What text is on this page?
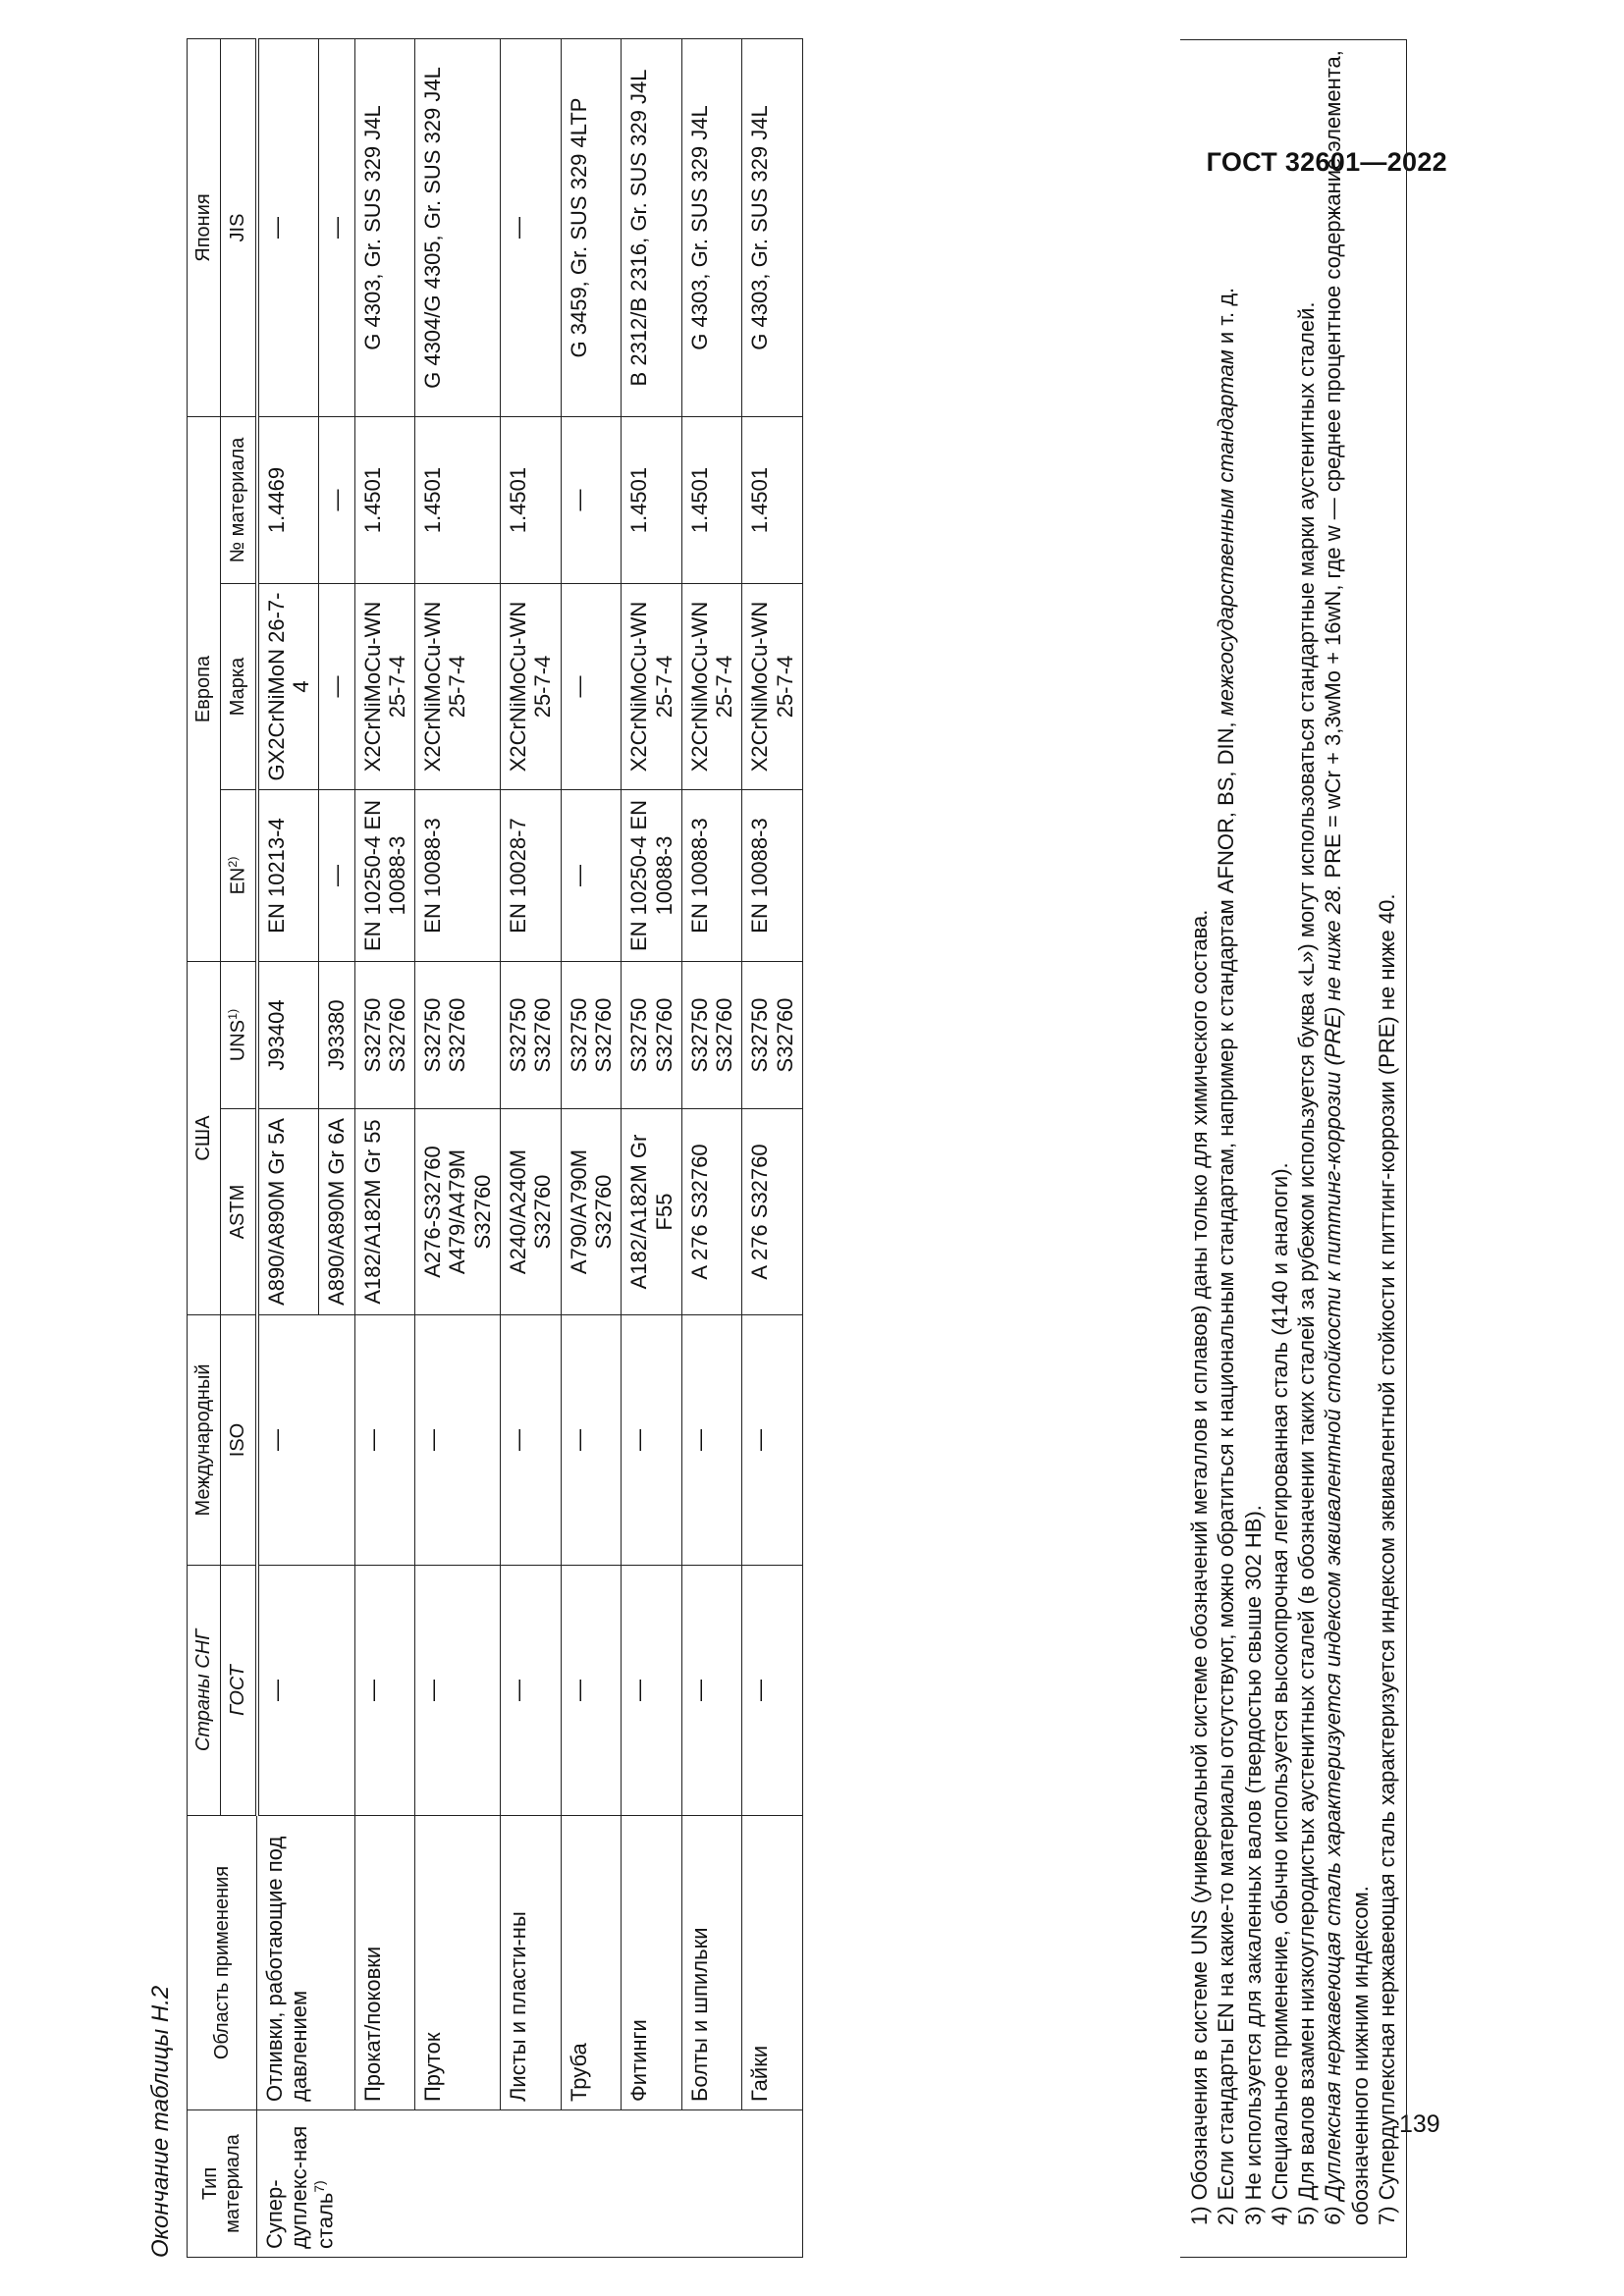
ГОСТ 32601—2022
139
Окончание таблицы Н.2 Тип материала	Область применения	Страны СНГ	Международный	США		Европа			Япония
		ГОСТ	ISO	ASTM	UNS$^{1)}$	EN$^{2)}$	Марка	№ материала	JIS
Супер-дуплекс-ная сталь$^{7)}$	Отливки, работающие под давлением	—	—	A890/A890M Gr 5A	J93404	EN 10213-4	GX2CrNiMoN 26-7-4	1.4469	—
				A890/A890M Gr 6A	J93380	—	—	—	—
	Прокат/поковки	—	—	A182/A182M Gr 55	S32750 S32760	EN 10250-4 EN 10088-3	X2CrNiMoCu-WN 25-7-4	1.4501	G 4303, Gr. SUS 329 J4L
	Пруток	—	—	A276-S32760 A479/A479M S32760	S32750 S32760	EN 10088-3	X2CrNiMoCu-WN 25-7-4	1.4501	G 4304/G 4305, Gr. SUS 329 J4L
	Листы и пласти-ны	—	—	A240/A240M S32760	S32750 S32760	EN 10028-7	X2CrNiMoCu-WN 25-7-4	1.4501	—
	Труба	—	—	A790/A790M S32760	S32750 S32760	—	—	—	G 3459, Gr. SUS 329 4LTP
	Фитинги	—	—	A182/A182M Gr F55	S32750 S32760	EN 10250-4 EN 10088-3	X2CrNiMoCu-WN 25-7-4	1.4501	B 2312/B 2316, Gr. SUS 329 J4L
	Болты и шпильки	—	—	A 276 S32760	S32750 S32760	EN 10088-3	X2CrNiMoCu-WN 25-7-4	1.4501	G 4303, Gr. SUS 329 J4L
	Гайки	—	—	A 276 S32760	S32750 S32760	EN 10088-3	X2CrNiMoCu-WN 25-7-4	1.4501	G 4303, Gr. SUS 329 J4L

1) Обозначения в системе UNS (универсальной системе обозначений металлов и сплавов) даны только для химического состава. 2) Если стандарты EN на какие-то материалы отсутствуют, можно обратиться к национальным стандартам, например к стандартам AFNOR, BS, DIN, межгосударственным стандартам и т. д.

3) Не используется для закаленных валов (твердостью свыше 302 HB). 4) Специальное применение, обычно используется высокопрочная легированная сталь (4140 и аналоги). 5) Для валов взамен низкоуглеродистых аустенитных сталей (в обозначении таких сталей за рубежом используется буква «L») могут использоваться стандартные марки аустенитных сталей. 6) Дуплексная нержавеющая сталь характеризуется индексом эквивалентной стойкости к питтинг-коррозии (PRE) не ниже 28. PRE = wCr + 3,3wMo + 16wN, где w — среднее процентное содержание элемента, обозначенного нижним индексом. 7) Супердуплексная нержавеющая сталь характеризуется индексом эквивалентной стойкости к питтинг-коррозии (PRE) не ниже 40.
